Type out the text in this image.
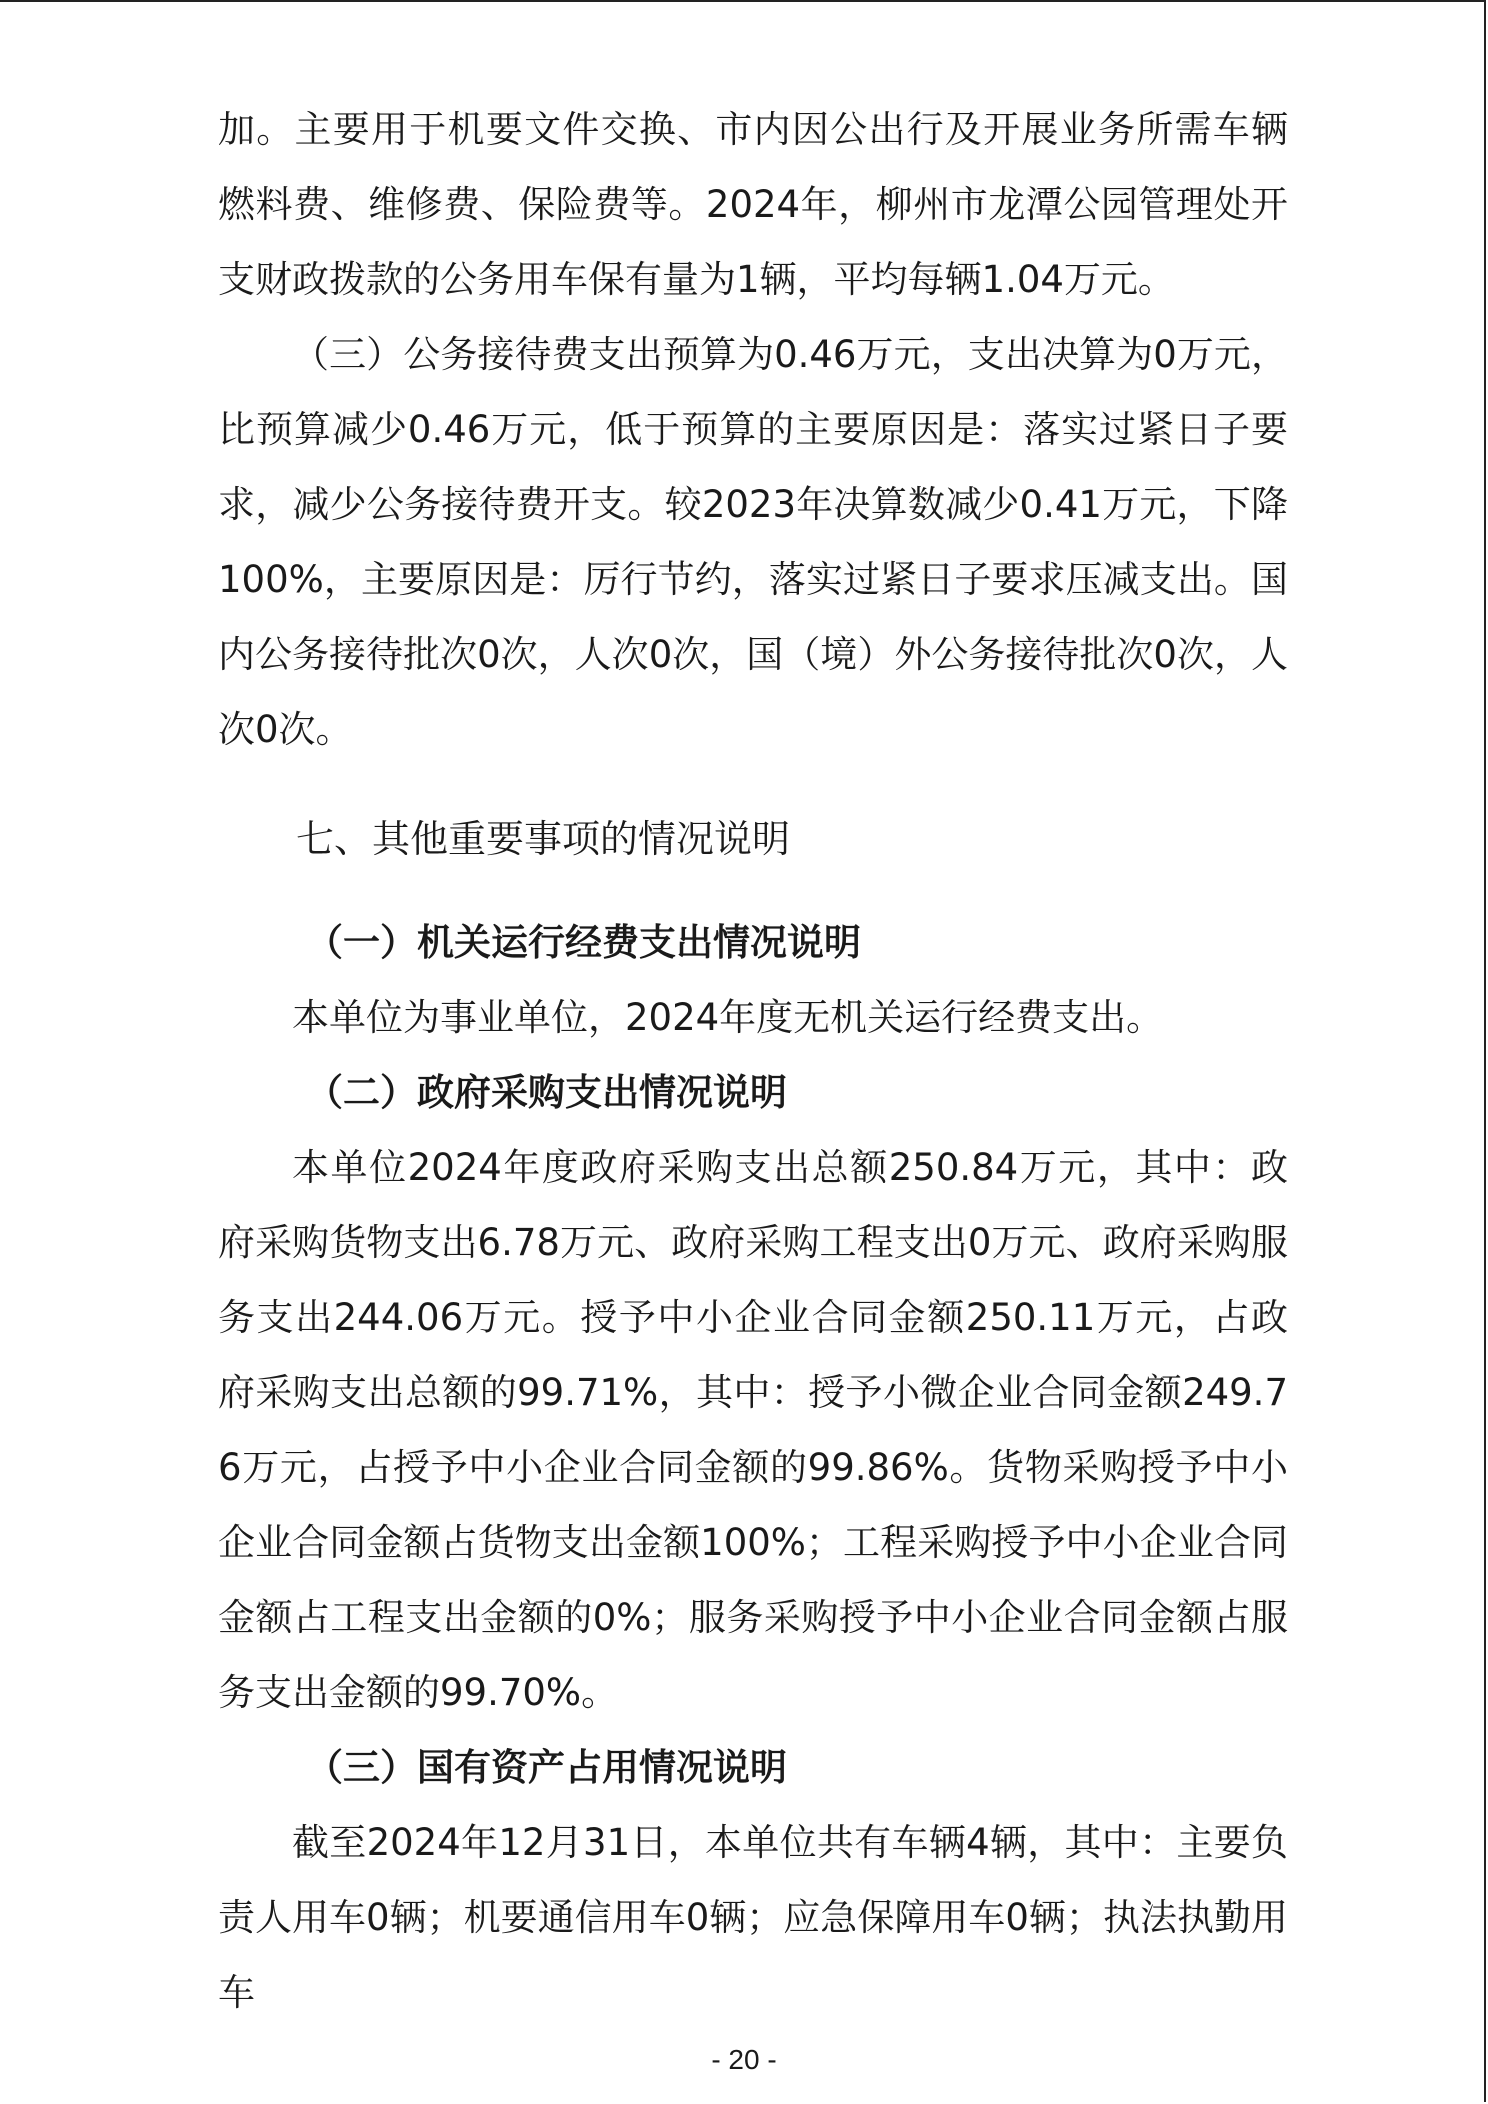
加。主要用于机要文件交换、市内因公出行及开展业务所需车辆燃料费、维修费、保险费等。2024年，柳州市龙潭公园管理处开支财政拨款的公务用车保有量为1辆，平均每辆1.04万元。

（三）公务接待费支出预算为0.46万元，支出决算为0万元，比预算减少0.46万元，低于预算的主要原因是：落实过紧日子要求，减少公务接待费开支。较2023年决算数减少0.41万元，下降100%，主要原因是：厉行节约，落实过紧日子要求压减支出。国内公务接待批次0次，人次0次，国（境）外公务接待批次0次，人次0次。

七、其他重要事项的情况说明

（一）机关运行经费支出情况说明

本单位为事业单位，2024年度无机关运行经费支出。

（二）政府采购支出情况说明

本单位2024年度政府采购支出总额250.84万元，其中：政府采购货物支出6.78万元、政府采购工程支出0万元、政府采购服务支出244.06万元。授予中小企业合同金额250.11万元，占政府采购支出总额的99.71%，其中：授予小微企业合同金额249.76万元，占授予中小企业合同金额的99.86%。货物采购授予中小企业合同金额占货物支出金额100%；工程采购授予中小企业合同金额占工程支出金额的0%；服务采购授予中小企业合同金额占服务支出金额的99.70%。

（三）国有资产占用情况说明

截至2024年12月31日，本单位共有车辆4辆，其中：主要负责人用车0辆；机要通信用车0辆；应急保障用车0辆；执法执勤用车

- 20 -
